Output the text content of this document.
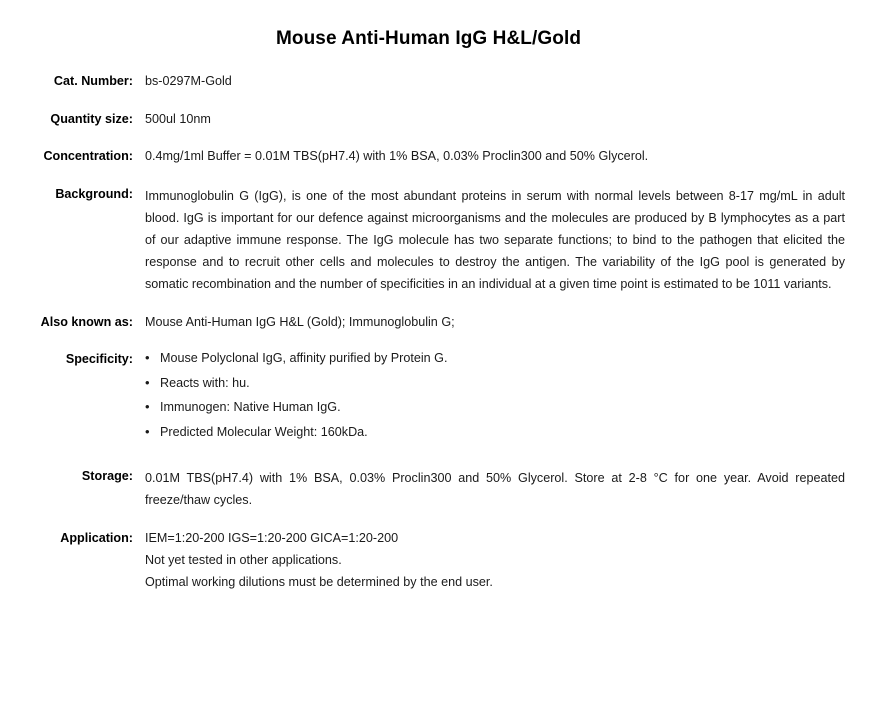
Mouse Anti-Human IgG H&L/Gold
Cat. Number: bs-0297M-Gold
Quantity size: 500ul 10nm
Concentration: 0.4mg/1ml Buffer = 0.01M TBS(pH7.4) with 1% BSA, 0.03% Proclin300 and 50% Glycerol.
Background: Immunoglobulin G (IgG), is one of the most abundant proteins in serum with normal levels between 8-17 mg/mL in adult blood. IgG is important for our defence against microorganisms and the molecules are produced by B lymphocytes as a part of our adaptive immune response. The IgG molecule has two separate functions; to bind to the pathogen that elicited the response and to recruit other cells and molecules to destroy the antigen. The variability of the IgG pool is generated by somatic recombination and the number of specificities in an individual at a given time point is estimated to be 1011 variants.
Also known as: Mouse Anti-Human IgG H&L (Gold); Immunoglobulin G;
Specificity:	• Mouse Polyclonal IgG, affinity purified by Protein G.
• Reacts with: hu.
• Immunogen: Native Human IgG.
• Predicted Molecular Weight: 160kDa.
Storage: 0.01M TBS(pH7.4) with 1% BSA, 0.03% Proclin300 and 50% Glycerol. Store at 2-8 °C for one year. Avoid repeated freeze/thaw cycles.
Application: IEM=1:20-200 IGS=1:20-200 GICA=1:20-200
Not yet tested in other applications.
Optimal working dilutions must be determined by the end user.
